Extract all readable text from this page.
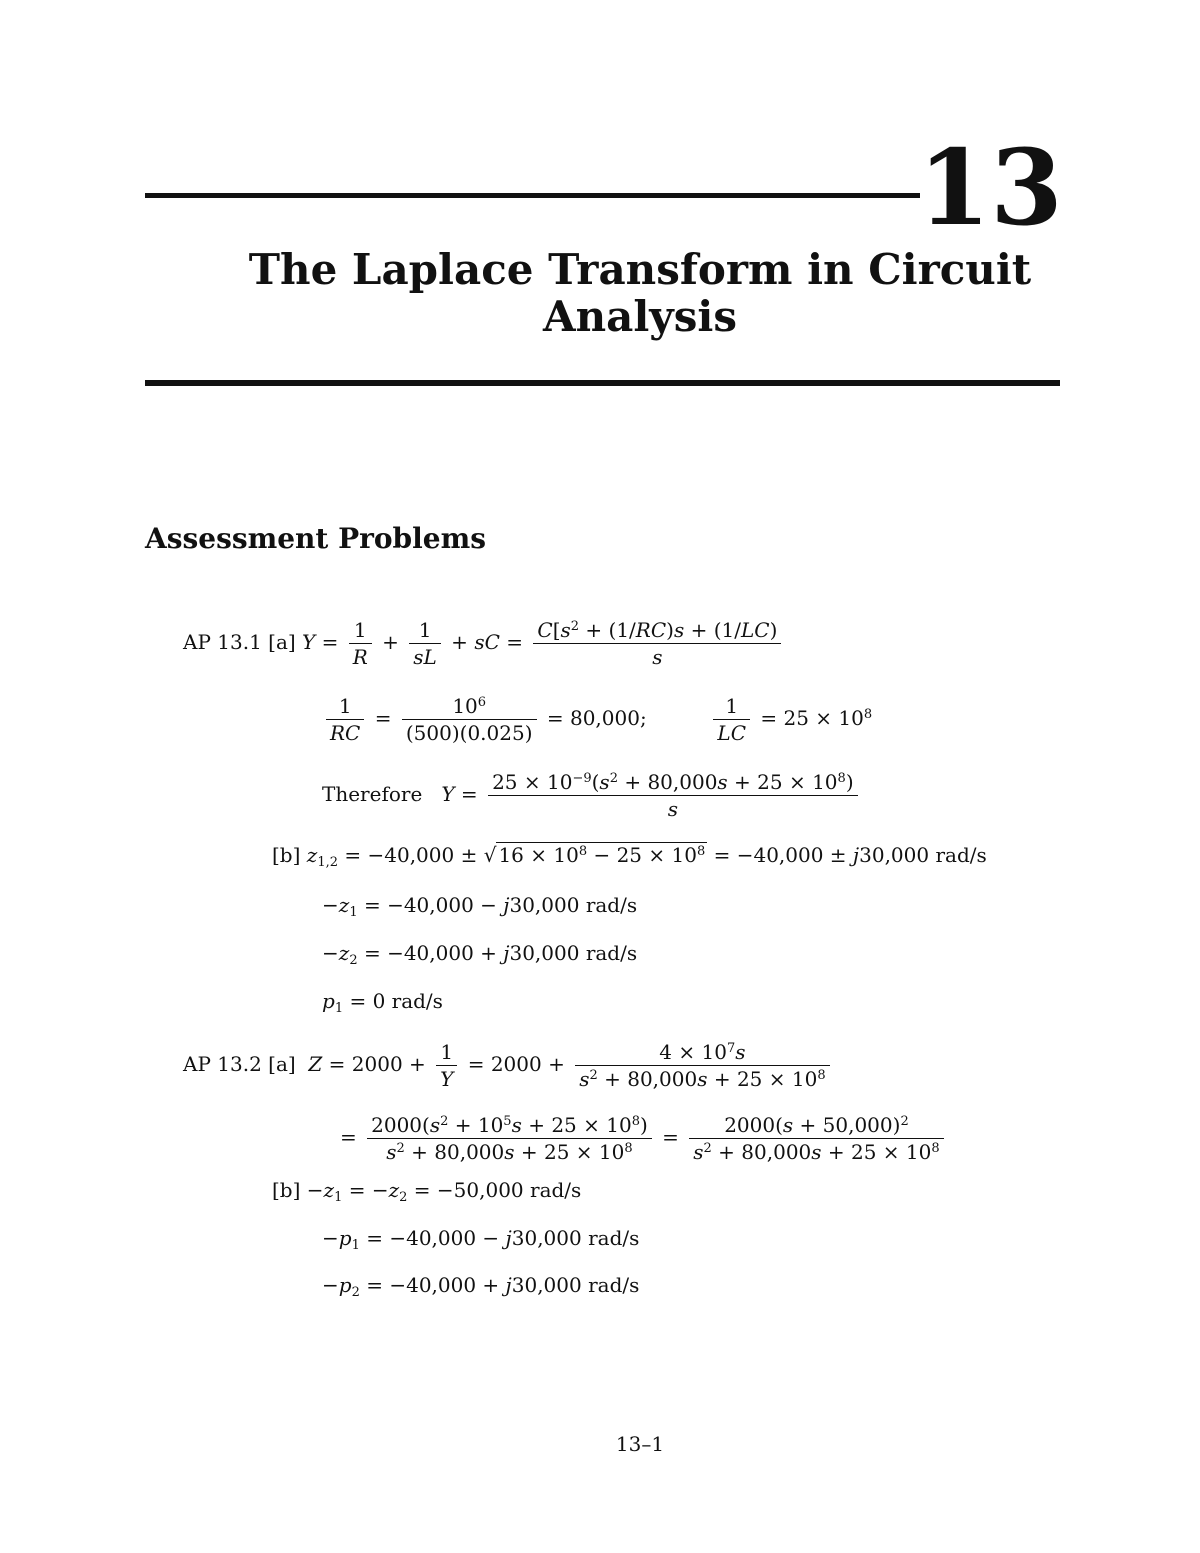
13
The Laplace Transform in Circuit
Analysis
Assessment Problems
AP 13.1 [a] $Y = \frac{1}{R} + \frac{1}{sL}$ + sC = $\frac{C[s^2 + (1/RC)s + (1/LC)}{s}$
$\frac{1}{RC} = \frac{10^6}{(500)(0.025)} = 80,000$;	$\frac{1}{LC} = 25 \times 10^8$
Therefore   $Y = \frac{25 \times 10^{-9}(s^2 + 80,000s + 25 \times 10^8)}{s}$
[b] $z_{1,2} = -40,000$ ± √ $16 \times 10^8 - 25 \times 10^8 = -40,000 \pm j30,000$ rad/s
$-z_1 = -40,000 - j30,000$ rad/s
$-z_2 = -40,000 + j30,000$ rad/s
$p_1 = 0$ rad/s
AP 13.2 [a] $Z = 2000 + \frac{1}{Y} = 2000 + \frac{4 \times 10^7s}{s^2 + 80,000s + 25 \times 10^8}$
= $\frac{2000(s^2 + 10^5s + 25 \times 10^8)}{s^2 + 80,000s + 25 \times 10^8} = \frac{2000(s + 50,000)^2}{s^2 + 80,000s + 25 \times 10^8}$
$[b] -z_1 = -z_2 = -50,000$ rad/s
$-p_1 = -40,000 - j30,000$ rad/s
$-p_2 = -40,000 + j30,000$ rad/s
13–1
